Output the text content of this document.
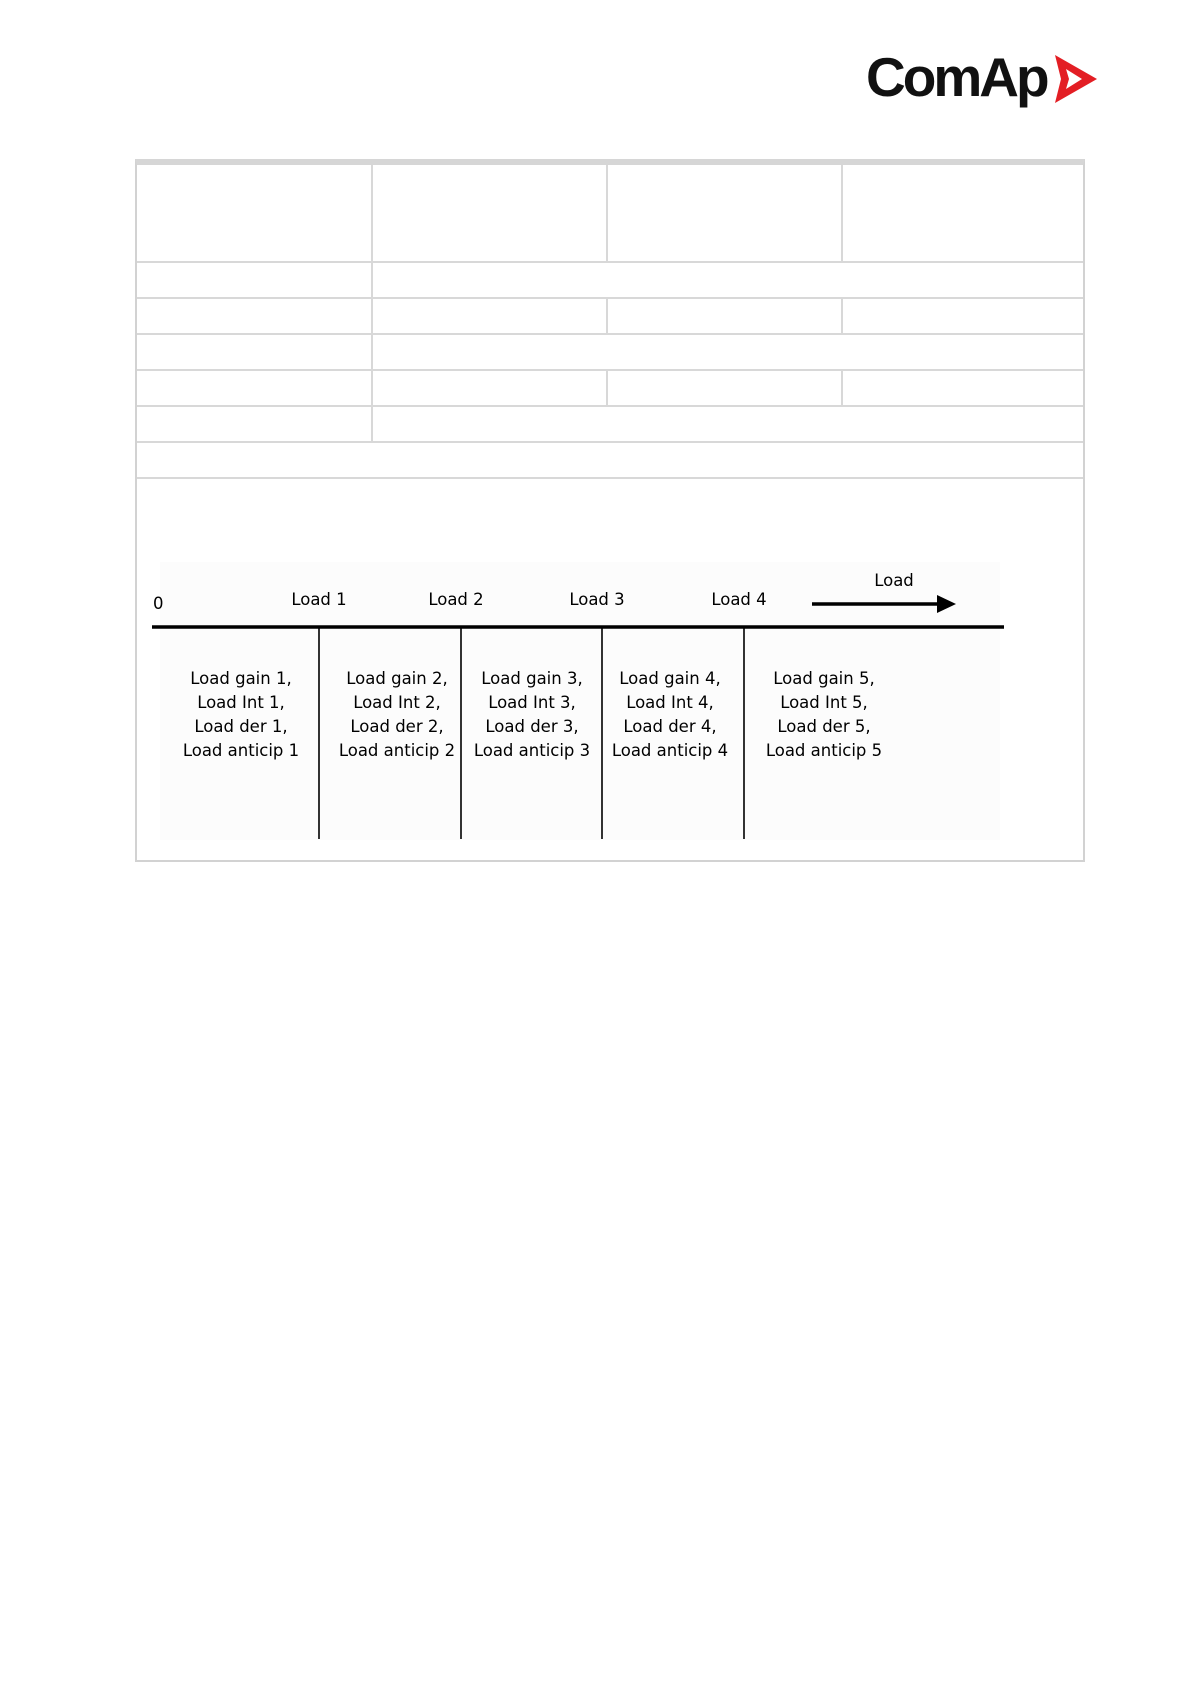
ComAp
0
Load
Load 1	Load 2	Load 3	Load 4
Load gain 1,
Load Int 1,
Load der 1,
Load anticip 1
Load gain 2,
Load Int 2,
Load der 2,
Load anticip 2
Load gain 3,
Load Int 3,
Load der 3,
Load anticip 3
Load gain 4,
Load Int 4,
Load der 4,
Load anticip 4
Load gain 5,
Load Int 5,
Load der 5,
Load anticip 5
